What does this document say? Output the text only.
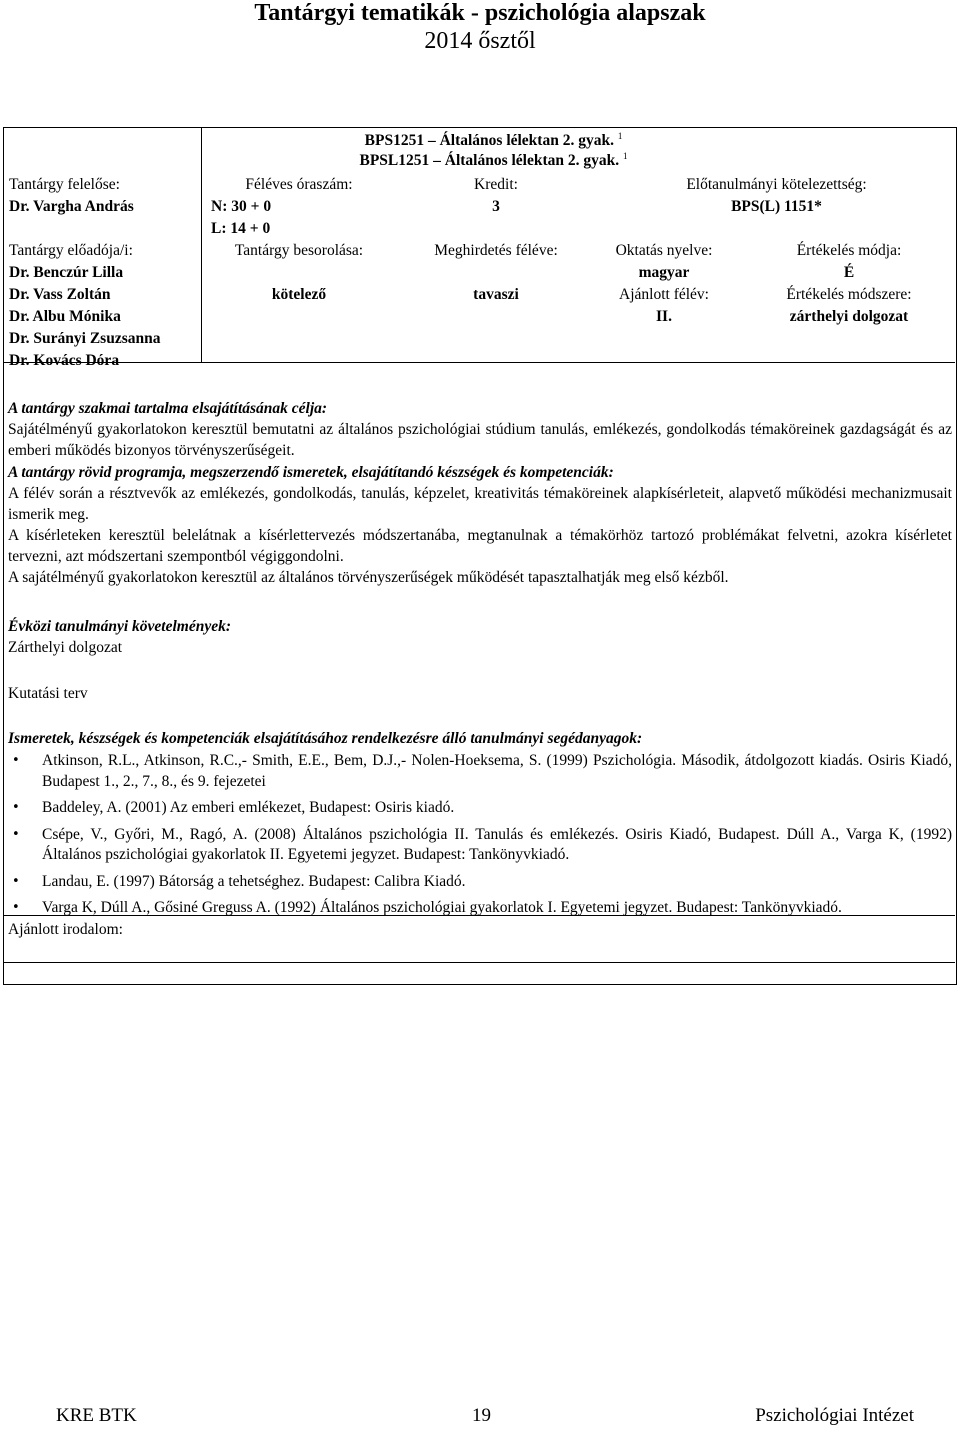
Tantárgyi tematikák - pszichológia alapszak
2014 ősztől
BPS1251 – Általános lélektan 2. gyak. $^1$
BPSL1251 – Általános lélektan 2. gyak. $^1$
Tantárgy felelőse:
Dr. Vargha András
Tantárgy előadója/i:
Dr. Benczúr Lilla
Dr. Vass Zoltán
Dr. Albu Mónika
Dr. Surányi Zsuzsanna
Dr. Kovács Dóra
Féléves óraszám:
N: 30 + 0
L: 14 + 0
Kredit:
3
Előtanulmányi kötelezettség:
BPS(L) 1151*
Tantárgy besorolása:
kötelező
Meghirdetés féléve:
tavaszi
Oktatás nyelve:
magyar
Ajánlott félév:
II.
Értékelés módja:
É
Értékelés módszere:
zárthelyi dolgozat
A tantárgy szakmai tartalma elsajátításának célja:
Sajátélményű gyakorlatokon keresztül bemutatni az általános pszichológiai stúdium tanulás, emlékezés, gondolkodás témaköreinek gazdagságát és az emberi működés bizonyos törvényszerűségeit.
A tantárgy rövid programja, megszerzendő ismeretek, elsajátítandó készségek és kompetenciák:
A félév során a résztvevők az emlékezés, gondolkodás, tanulás, képzelet, kreativitás témaköreinek alapkísérleteit, alapvető működési mechanizmusait ismerik meg.
A kísérleteken keresztül belelátnak a kísérlettervezés módszertanába, megtanulnak a témakörhöz tartozó problémákat felvetni, azokra kísérletet tervezni, azt módszertani szempontból végiggondolni.
A sajátélményű gyakorlatokon keresztül az általános törvényszerűségek működését tapasztalhatják meg első kézből.
Évközi tanulmányi követelmények:
Zárthelyi dolgozat
Kutatási terv
Ismeretek, készségek és kompetenciák elsajátításához rendelkezésre álló tanulmányi segédanyagok:
• Atkinson, R.L., Atkinson, R.C.,- Smith, E.E., Bem, D.J.,- Nolen-Hoeksema, S. (1999) Pszichológia. Második, átdolgozott kiadás. Osiris Kiadó, Budapest 1., 2., 7., 8., és 9. fejezetei
• Baddeley, A. (2001) Az emberi emlékezet, Budapest: Osiris kiadó.
• Csépe, V., Győri, M., Ragó, A. (2008) Általános pszichológia II. Tanulás és emlékezés. Osiris Kiadó, Budapest. Dúll A., Varga K, (1992) Általános pszichológiai gyakorlatok II. Egyetemi jegyzet. Budapest: Tankönyvkiadó.
• Landau, E. (1997) Bátorság a tehetséghez. Budapest: Calibra Kiadó.
• Varga K, Dúll A., Gősiné Greguss A. (1992) Általános pszichológiai gyakorlatok I. Egyetemi jegyzet. Budapest: Tankönyvkiadó.
Ajánlott irodalom:
KRE BTK	19	Pszichológiai Intézet
